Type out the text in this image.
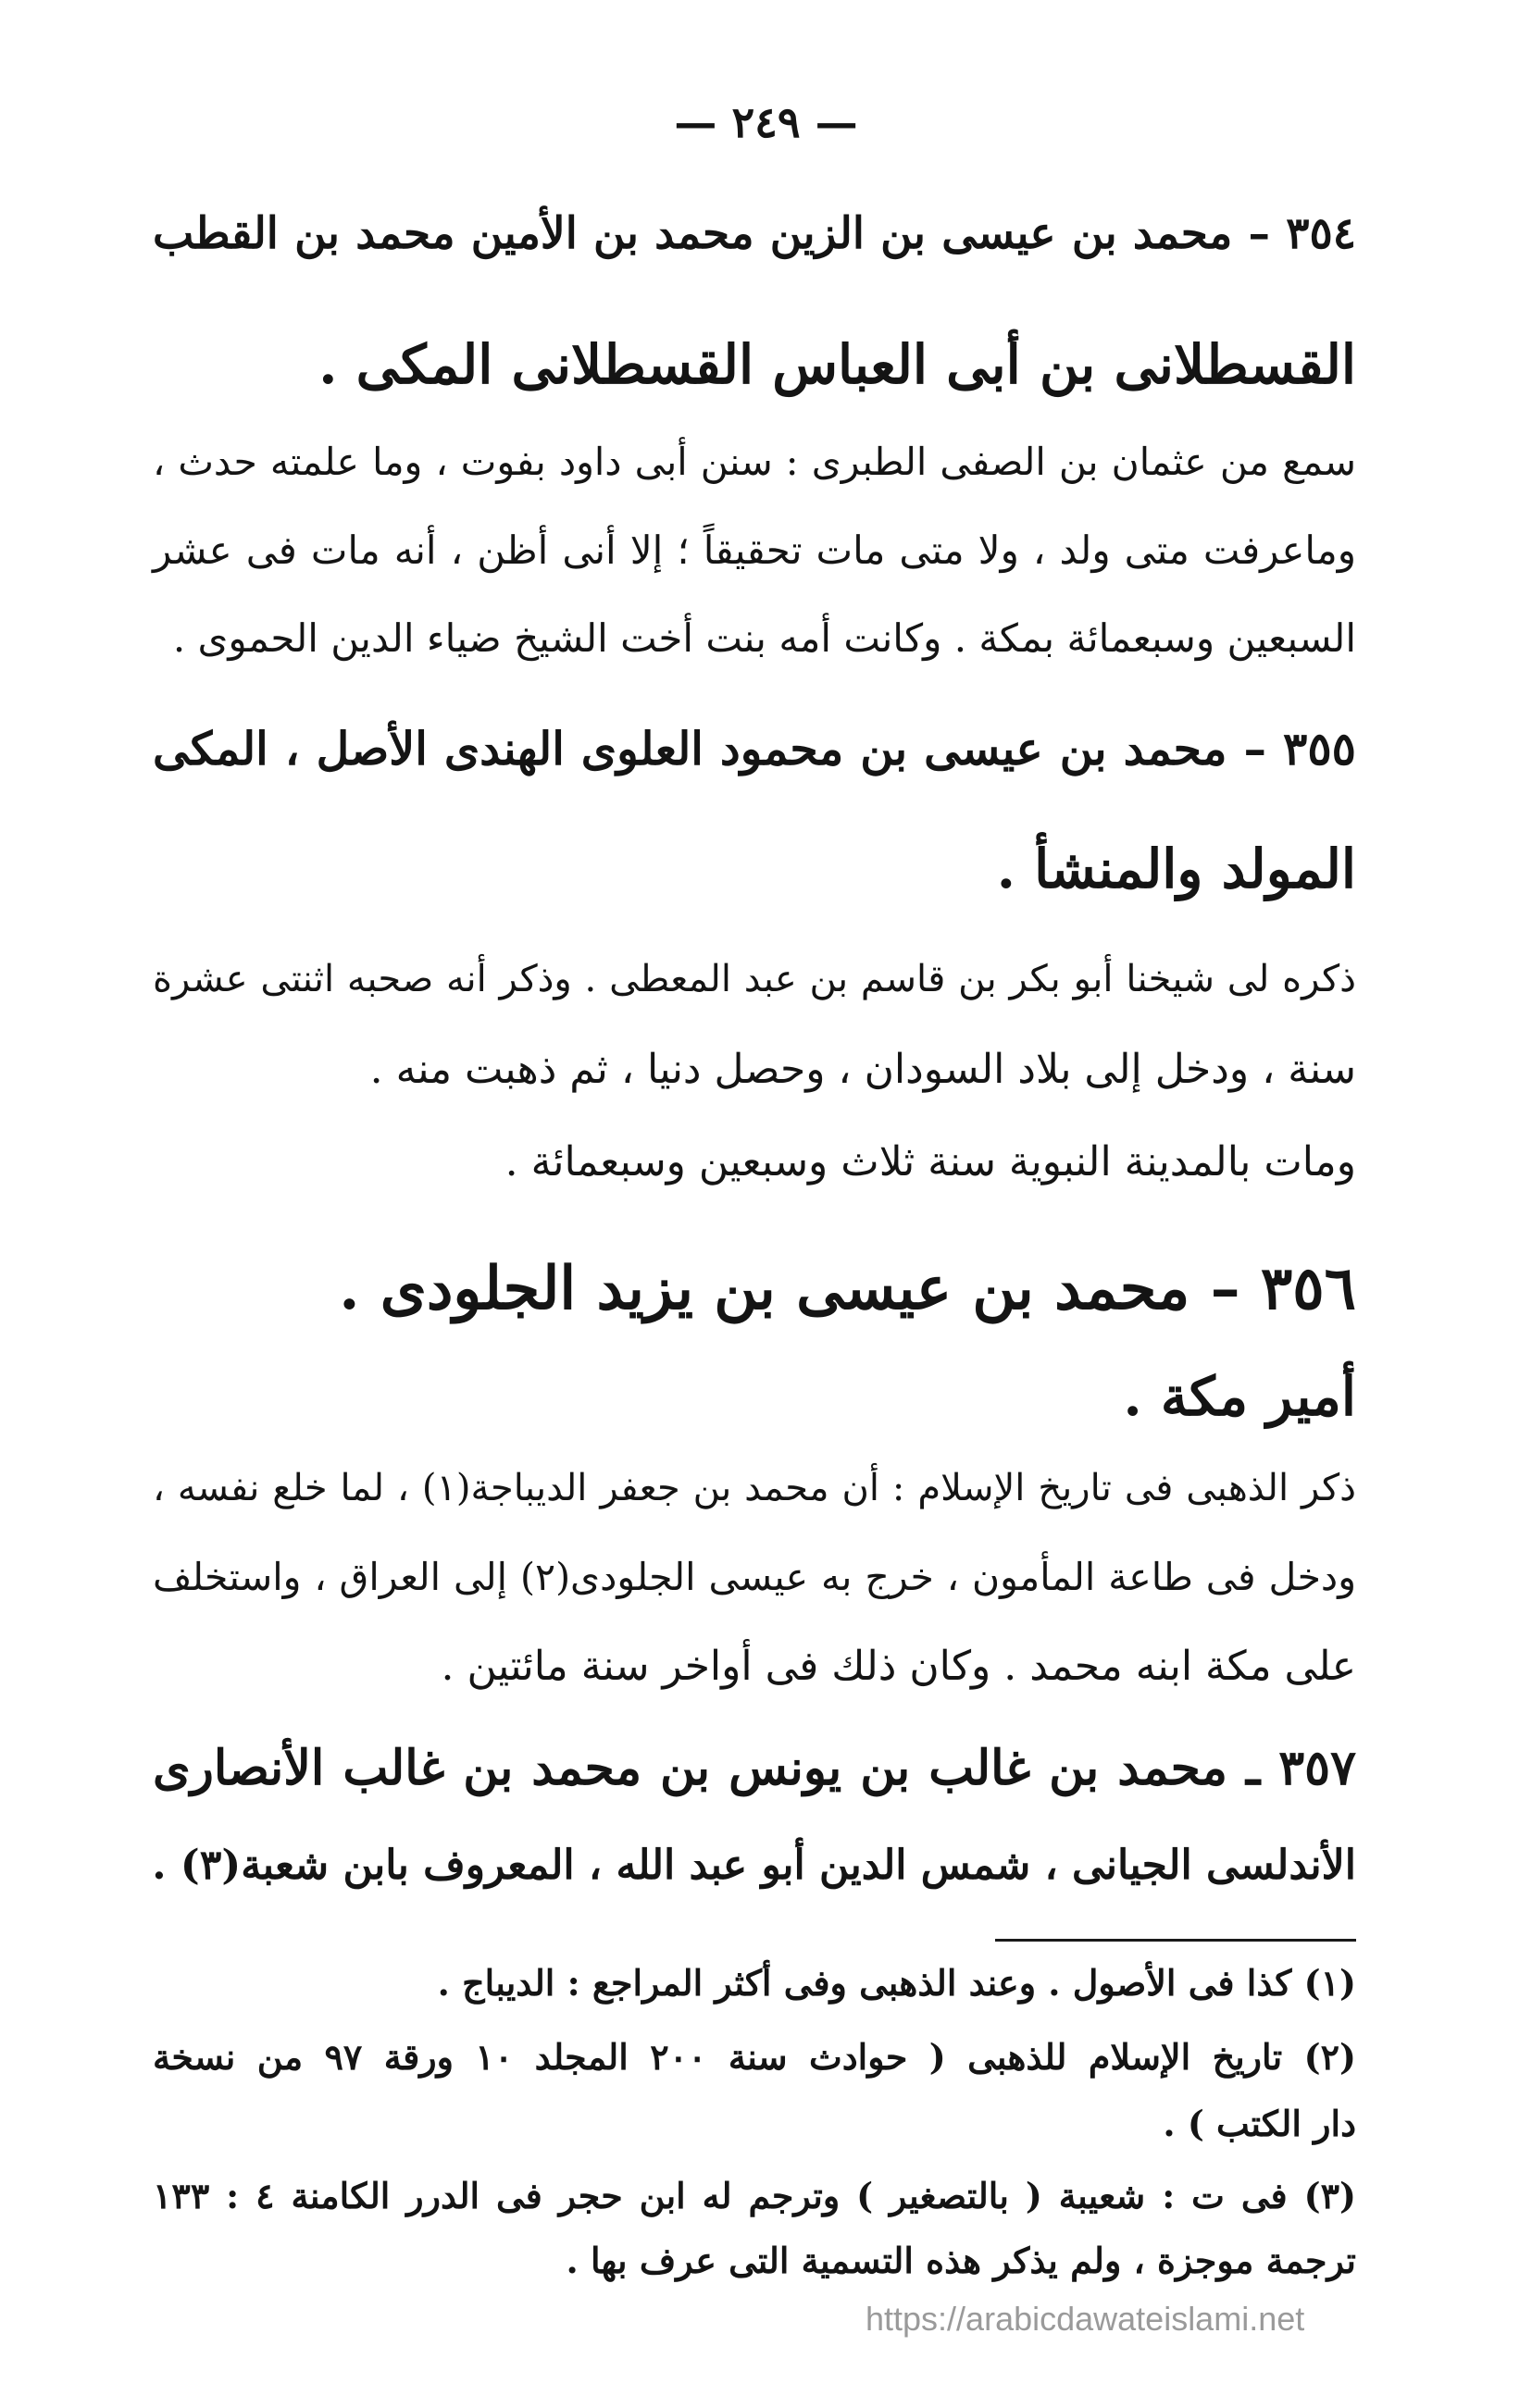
— ٢٤٩ —
٣٥٤ – محمد بن عيسى بن الزين محمد بن الأمين محمد بن القطب
القسطلانى بن أبى العباس القسطلانى المكى .
سمع من عثمان بن الصفى الطبرى : سنن أبى داود بفوت ، وما علمته حدث ،
وماعرفت متى ولد ، ولا متى مات تحقيقاً ؛ إلا أنى أظن ، أنه مات فى عشر
السبعين وسبعمائة بمكة . وكانت أمه بنت أخت الشيخ ضياء الدين الحموى .
٣٥٥ – محمد بن عيسى بن محمود العلوى الهندى الأصل ، المكى
المولد والمنشأ .
ذكره لى شيخنا أبو بكر بن قاسم بن عبد المعطى . وذكر أنه صحبه اثنتى عشرة
سنة ، ودخل إلى بلاد السودان ، وحصل دنيا ، ثم ذهبت منه .
ومات بالمدينة النبوية سنة ثلاث وسبعين وسبعمائة .
٣٥٦ – محمد بن عيسى بن يزيد الجلودى .
أمير مكة .
ذكر الذهبى فى تاريخ الإسلام : أن محمد بن جعفر الديباجة(١) ، لما خلع نفسه ،
ودخل فى طاعة المأمون ، خرج به عيسى الجلودى(٢) إلى العراق ، واستخلف
على مكة ابنه محمد . وكان ذلك فى أواخر سنة مائتين .
٣٥٧ ـ محمد بن غالب بن يونس بن محمد بن غالب الأنصارى
الأندلسى الجيانى ، شمس الدين أبو عبد الله ، المعروف بابن شعبة(٣) .
(١) كذا فى الأصول . وعند الذهبى وفى أكثر المراجع : الديباج .
(٢) تاريخ الإسلام للذهبى ( حوادث سنة ٢٠٠ المجلد ١٠ ورقة ٩٧ من نسخة
دار الكتب ) .
(٣) فى ت : شعيبة ( بالتصغير ) وترجم له ابن حجر فى الدرر الكامنة ٤ : ١٣٣
ترجمة موجزة ، ولم يذكر هذه التسمية التى عرف بها .
https://arabicdawateislami.net
